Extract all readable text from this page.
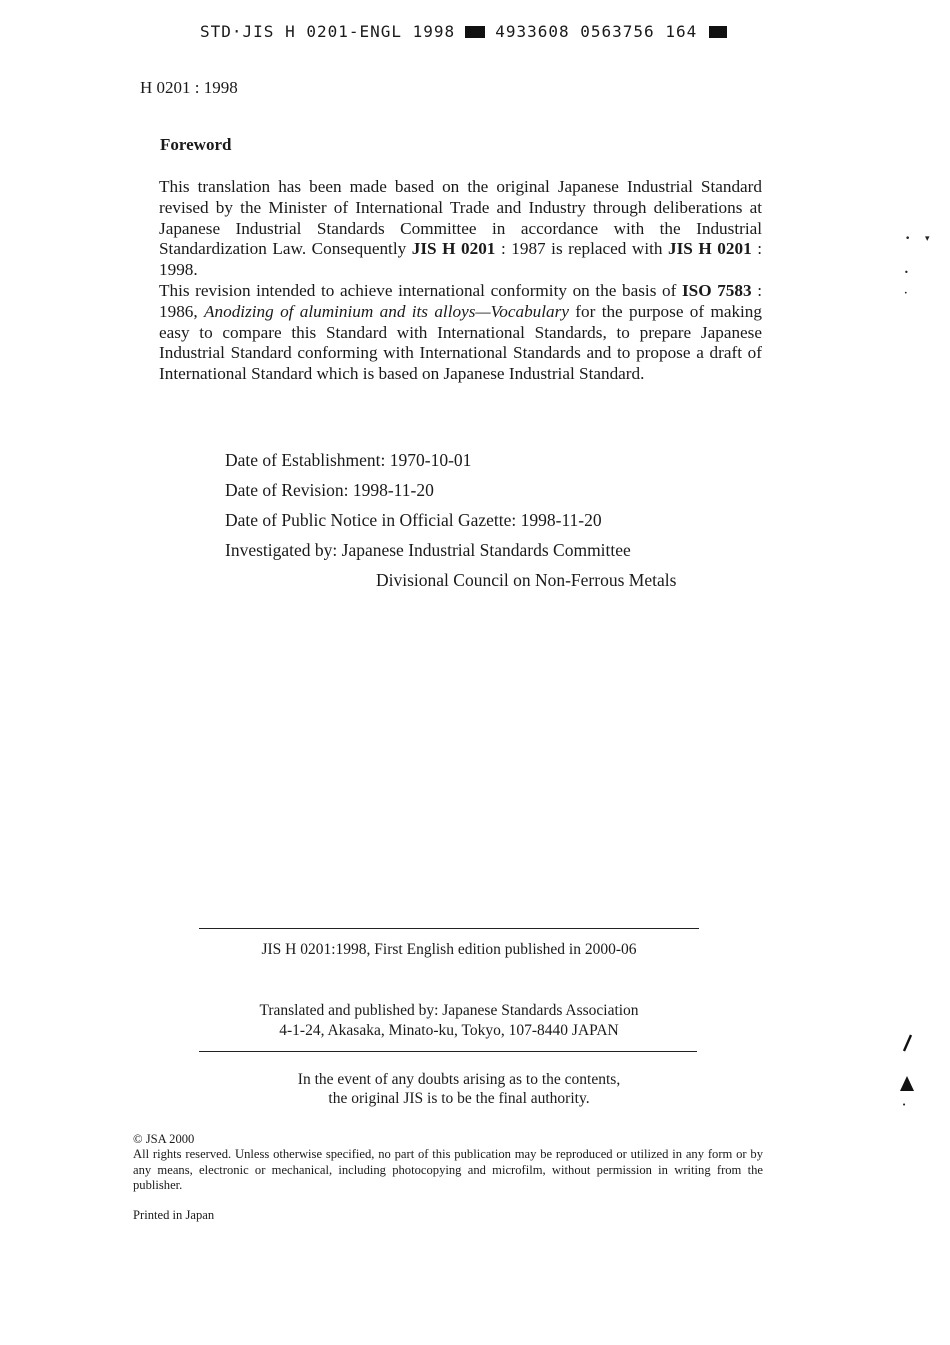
STD·JIS H 0201-ENGL 1998	4933608 0563756 164
H 0201 : 1998
Foreword

This translation has been made based on the original Japanese Industrial Standard revised by the Minister of International Trade and Industry through deliberations at Japanese Industrial Standards Committee in accordance with the Industrial Standardization Law. Consequently JIS H 0201 : 1987 is replaced with JIS H 0201 : 1998.

This revision intended to achieve international conformity on the basis of ISO 7583 : 1986, Anodizing of aluminium and its alloys—Vocabulary for the purpose of making easy to compare this Standard with International Standards, to prepare Japanese Industrial Standard conforming with International Standards and to propose a draft of International Standard which is based on Japanese Industrial Standard.

Date of Establishment: 1970-10-01
Date of Revision: 1998-11-20
Date of Public Notice in Official Gazette: 1998-11-20
Investigated by: Japanese Industrial Standards Committee
Divisional Council on Non-Ferrous Metals
JIS H 0201:1998, First English edition published in 2000-06
Translated and published by: Japanese Standards Association
4-1-24, Akasaka, Minato-ku, Tokyo, 107-8440 JAPAN
In the event of any doubts arising as to the contents,
the original JIS is to be the final authority.
© JSA 2000
All rights reserved. Unless otherwise specified, no part of this publication may be reproduced or utilized in any form or by any means, electronic or mechanical, including photocopying and microfilm, without permission in writing from the publisher.
Printed in Japan
• ▾
•
•
•
